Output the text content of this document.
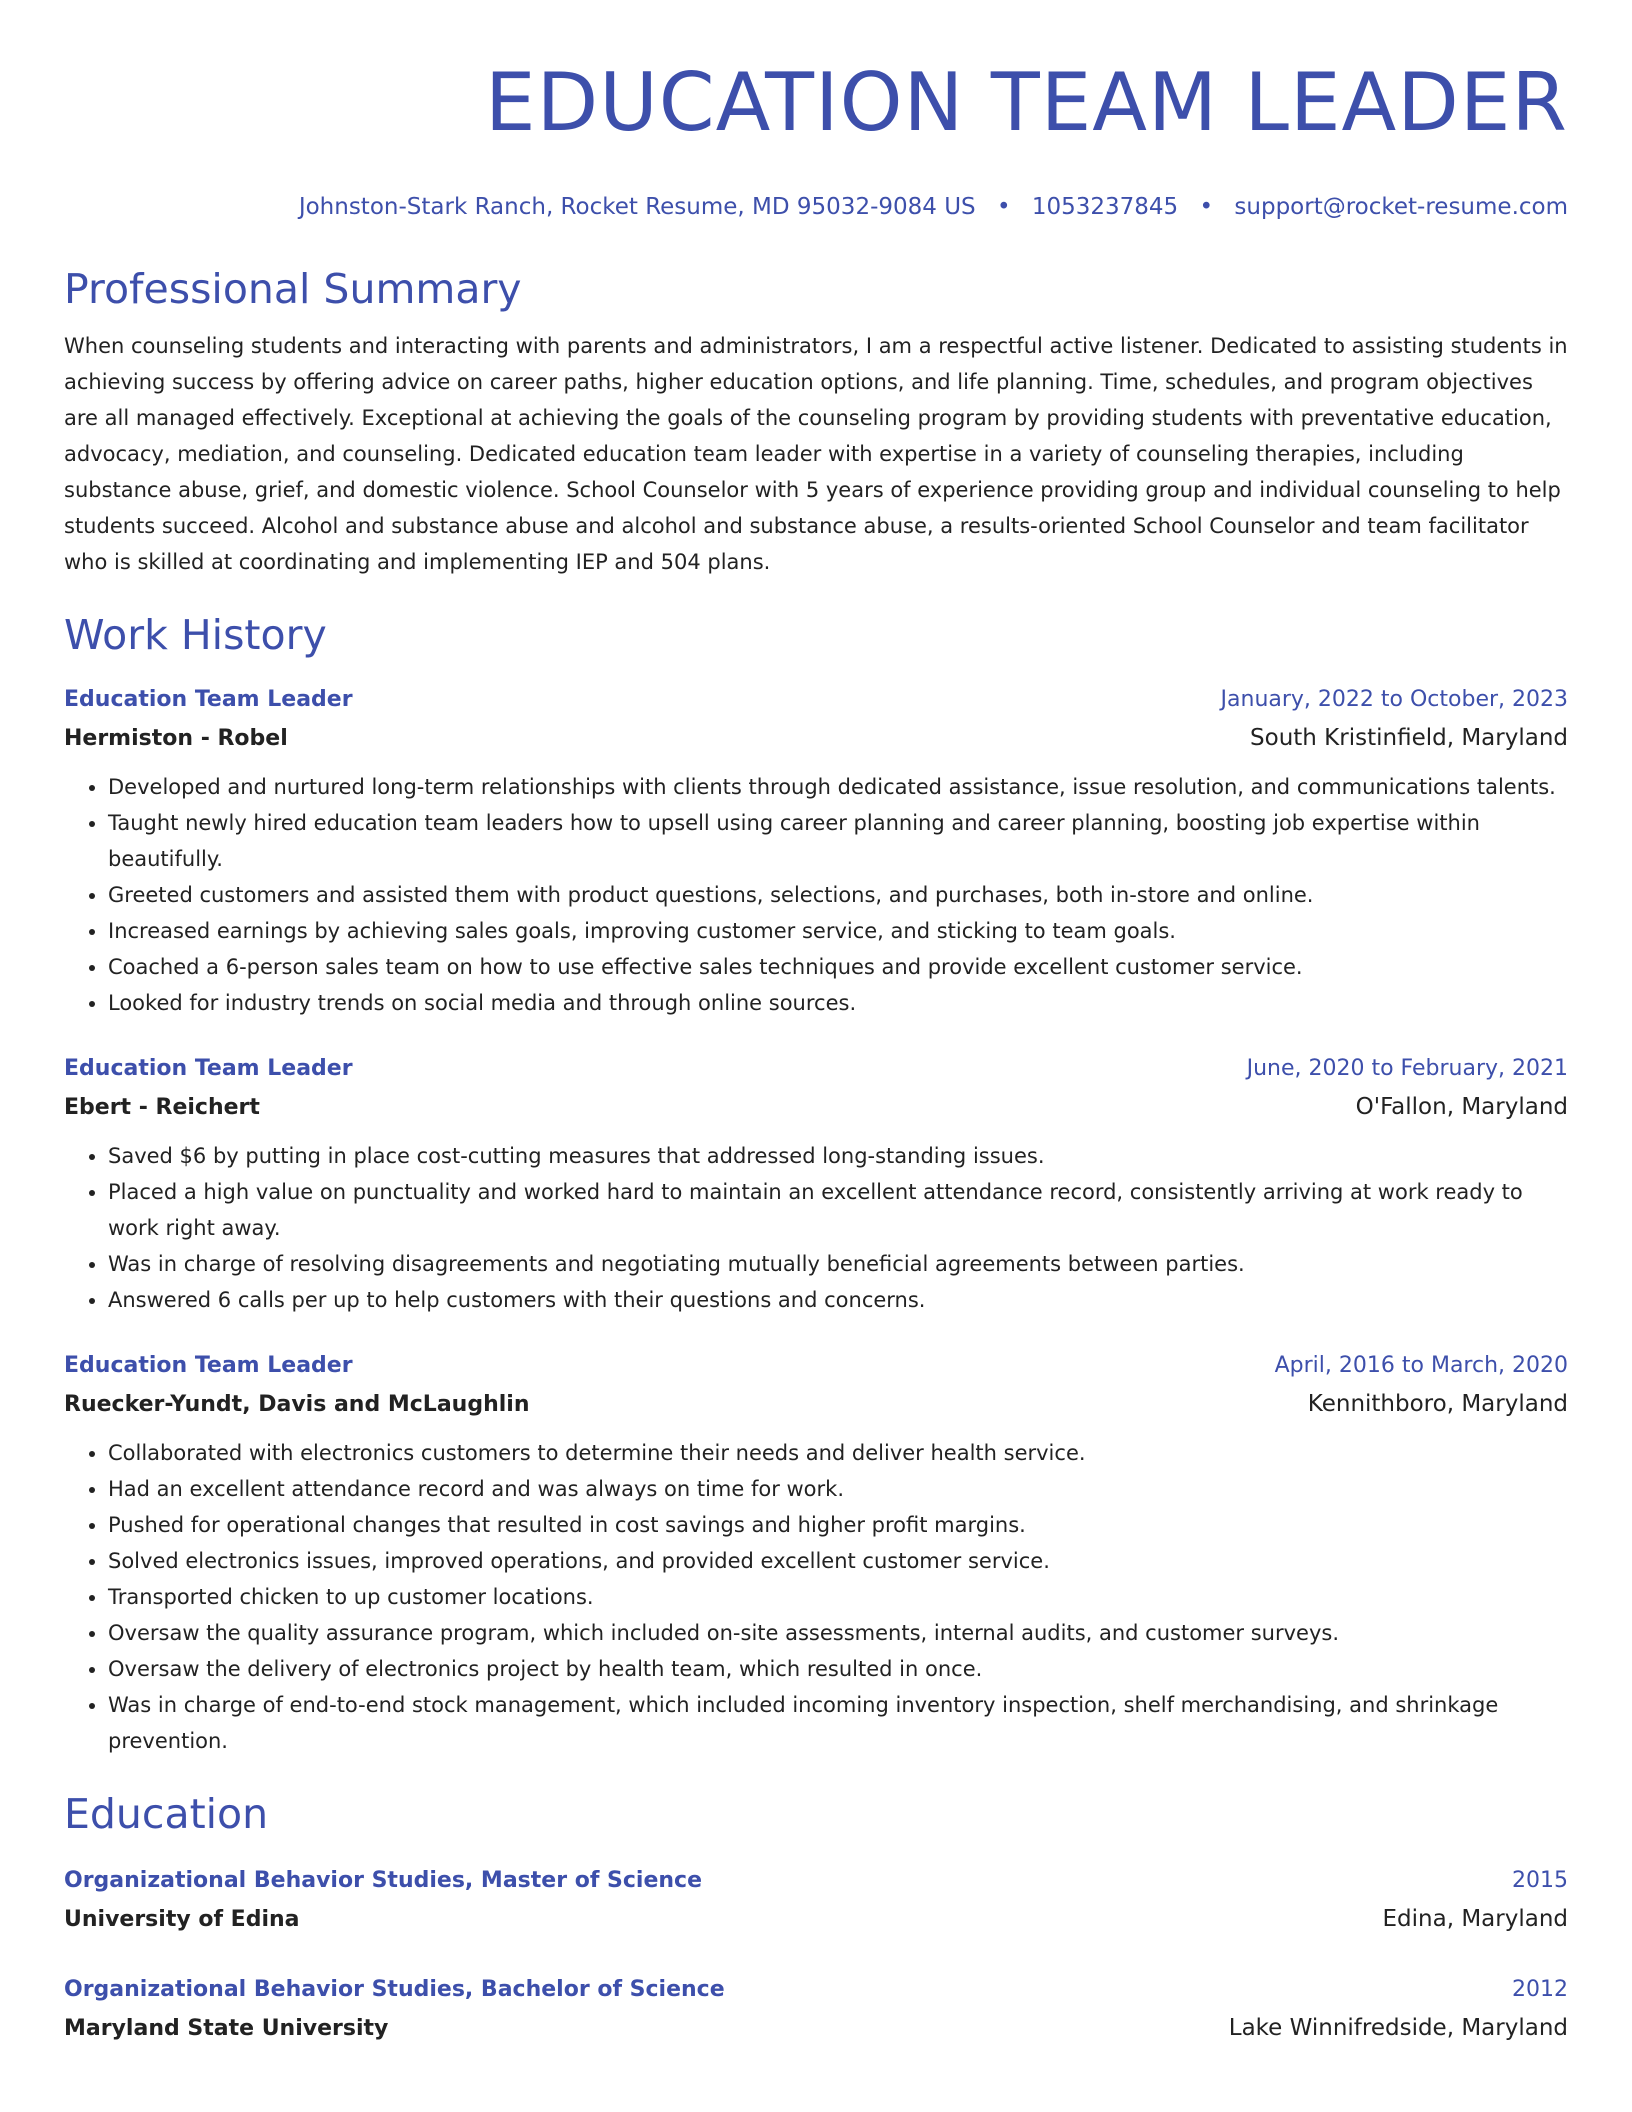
EDUCATION TEAM LEADER
Johnston-Stark Ranch, Rocket Resume, MD 95032-9084 US • 1053237845 • support@rocket-resume.com
Professional Summary
When counseling students and interacting with parents and administrators, I am a respectful active listener. Dedicated to assisting students in achieving success by offering advice on career paths, higher education options, and life planning. Time, schedules, and program objectives are all managed effectively. Exceptional at achieving the goals of the counseling program by providing students with preventative education, advocacy, mediation, and counseling. Dedicated education team leader with expertise in a variety of counseling therapies, including substance abuse, grief, and domestic violence. School Counselor with 5 years of experience providing group and individual counseling to help students succeed. Alcohol and substance abuse and alcohol and substance abuse, a results-oriented School Counselor and team facilitator who is skilled at coordinating and implementing IEP and 504 plans.
Work History
Education Team Leader	January, 2022 to October, 2023
Hermiston - Robel	South Kristinfield, Maryland
• Developed and nurtured long-term relationships with clients through dedicated assistance, issue resolution, and communications talents.
• Taught newly hired education team leaders how to upsell using career planning and career planning, boosting job expertise within beautifully.
• Greeted customers and assisted them with product questions, selections, and purchases, both in-store and online.
• Increased earnings by achieving sales goals, improving customer service, and sticking to team goals.
• Coached a 6-person sales team on how to use effective sales techniques and provide excellent customer service.
• Looked for industry trends on social media and through online sources.
Education Team Leader	June, 2020 to February, 2021
Ebert - Reichert	O'Fallon, Maryland
• Saved $6 by putting in place cost-cutting measures that addressed long-standing issues.
• Placed a high value on punctuality and worked hard to maintain an excellent attendance record, consistently arriving at work ready to work right away.
• Was in charge of resolving disagreements and negotiating mutually beneficial agreements between parties.
• Answered 6 calls per up to help customers with their questions and concerns.
Education Team Leader	April, 2016 to March, 2020
Ruecker-Yundt, Davis and McLaughlin	Kennithboro, Maryland
• Collaborated with electronics customers to determine their needs and deliver health service.
• Had an excellent attendance record and was always on time for work.
• Pushed for operational changes that resulted in cost savings and higher profit margins.
• Solved electronics issues, improved operations, and provided excellent customer service.
• Transported chicken to up customer locations.
• Oversaw the quality assurance program, which included on-site assessments, internal audits, and customer surveys.
• Oversaw the delivery of electronics project by health team, which resulted in once.
• Was in charge of end-to-end stock management, which included incoming inventory inspection, shelf merchandising, and shrinkage prevention.
Education
Organizational Behavior Studies, Master of Science	2015
University of Edina	Edina, Maryland
Organizational Behavior Studies, Bachelor of Science	2012
Maryland State University	Lake Winnifredside, Maryland
